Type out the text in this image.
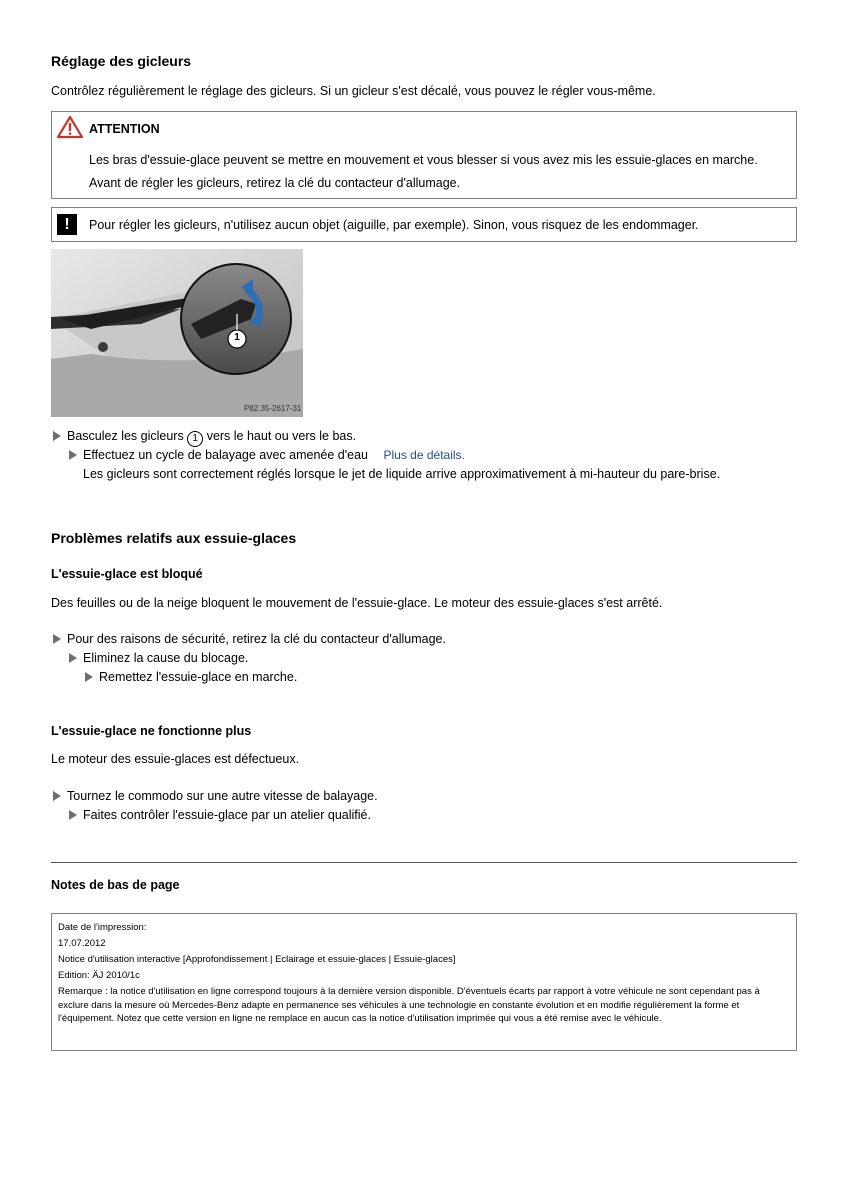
Réglage des gicleurs

Contrôlez régulièrement le réglage des gicleurs. Si un gicleur s'est décalé, vous pouvez le régler vous-même.

ATTENTION

Les bras d'essuie-glace peuvent se mettre en mouvement et vous blesser si vous avez mis les essuie-glaces en marche.

Avant de régler les gicleurs, retirez la clé du contacteur d'allumage.

!	Pour régler les gicleurs, n'utilisez aucun objet (aiguille, par exemple). Sinon, vous risquez de les endommager.

1
P82.35-2617-31
Basculez les gicleurs 1 vers le haut ou vers le bas.
Effectuez un cycle de balayage avec amenée d'eau Plus de détails.

Les gicleurs sont correctement réglés lorsque le jet de liquide arrive approximativement à mi-hauteur du pare-brise.

Problèmes relatifs aux essuie-glaces
L'essuie-glace est bloqué

Des feuilles ou de la neige bloquent le mouvement de l'essuie-glace. Le moteur des essuie-glaces s'est arrêté.

Pour des raisons de sécurité, retirez la clé du contacteur d'allumage.
Eliminez la cause du blocage.
Remettez l'essuie-glace en marche.
L'essuie-glace ne fonctionne plus

Le moteur des essuie-glaces est défectueux.

Tournez le commodo sur une autre vitesse de balayage.
Faites contrôler l'essuie-glace par un atelier qualifié.
Notes de bas de page

Date de l'impression:

17.07.2012

Notice d'utilisation interactive [Approfondissement | Eclairage et essuie-glaces | Essuie-glaces]

Edition: ÄJ 2010/1c

Remarque : la notice d'utilisation en ligne correspond toujours à la dernière version disponible. D'éventuels écarts par rapport à votre véhicule ne sont cependant pas à exclure dans la mesure où Mercedes-Benz adapte en permanence ses véhicules à une technologie en constante évolution et en modifie régulièrement la forme et l'équipement. Notez que cette version en ligne ne remplace en aucun cas la notice d'utilisation imprimée qui vous a été remise avec le véhicule.
